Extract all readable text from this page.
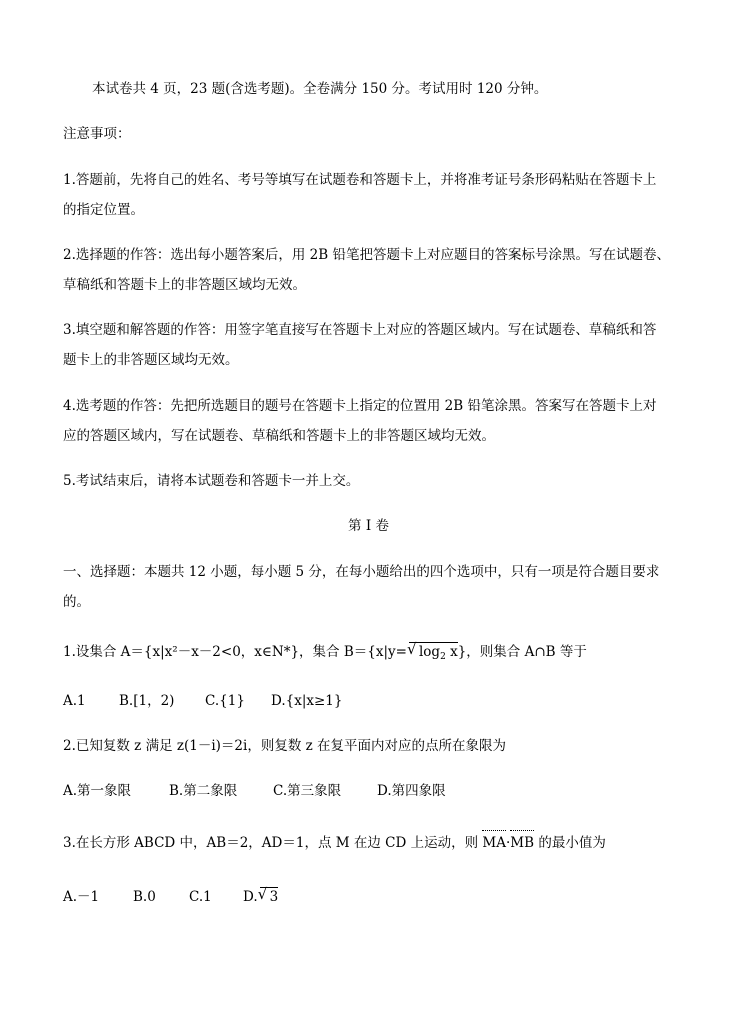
本试卷共 4 页，23 题(含选考题)。全卷满分 150 分。考试用时 120 分钟。
注意事项：
1.答题前，先将自己的姓名、考号等填写在试题卷和答题卡上，并将准考证号条形码粘贴在答题卡上
的指定位置。
2.选择题的作答：选出每小题答案后，用 2B 铅笔把答题卡上对应题目的答案标号涂黑。写在试题卷、
草稿纸和答题卡上的非答题区域均无效。
3.填空题和解答题的作答：用签字笔直接写在答题卡上对应的答题区域内。写在试题卷、草稿纸和答
题卡上的非答题区域均无效。
4.选考题的作答：先把所选题目的题号在答题卡上指定的位置用 2B 铅笔涂黑。答案写在答题卡上对
应的答题区域内，写在试题卷、草稿纸和答题卡上的非答题区域均无效。
5.考试结束后，请将本试题卷和答题卡一并上交。
第 I 卷
一、选择题：本题共 12 小题，每小题 5 分，在每小题给出的四个选项中，只有一项是符合题目要求
的。
1.设集合 A＝{x|x²－x－2<0，x∈N*}，集合 B＝{x|y= √ $\log_2 x$}，则集合 A∩B 等于
A.1 B.[1，2) C.{1} D.{x|x≥1}
2.已知复数 z 满足 z(1－i)＝2i，则复数 z 在复平面内对应的点所在象限为
A.第一象限	B.第二象限	C.第三象限	D.第四象限
3.在长方形 ABCD 中，AB＝2，AD＝1，点 M 在边 CD 上运动，则 MA·MB 的最小值为
A.－1	B.0 C.1 D. √ 3
